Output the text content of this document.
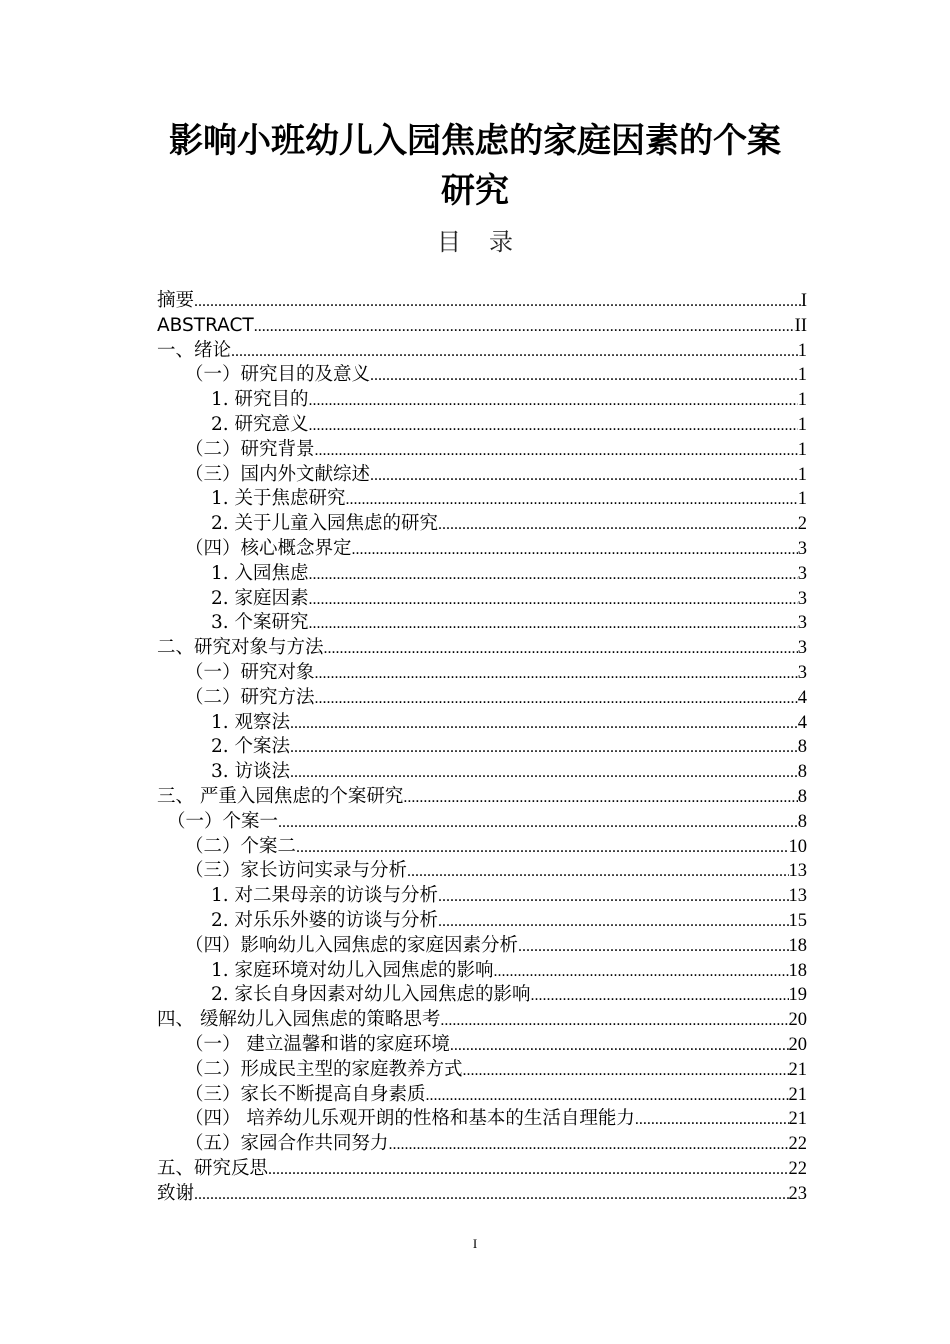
影响小班幼儿入园焦虑的家庭因素的个案
研究
目录
摘要 .....	I
ABSTRACT .....	II
一、绪论 .....	1
（一）研究目的及意义 .....	1
1. 研究目的 .....	1
2. 研究意义 .....	1
（二）研究背景 .....	1
（三）国内外文献综述 .....	1
1. 关于焦虑研究 .....	1
2. 关于儿童入园焦虑的研究 .....	2
（四）核心概念界定 .....	3
1. 入园焦虑 .....	3
2. 家庭因素 .....	3
3. 个案研究 .....	3
二、研究对象与方法 .....	3
（一）研究对象 .....	3
（二）研究方法 .....	4
1. 观察法 .....	4
2. 个案法 .....	8
3. 访谈法 .....	8
三、 严重入园焦虑的个案研究 .....	8
（一）个案一 .....	8
（二）个案二 .....	10
（三）家长访问实录与分析 .....	13
1. 对二果母亲的访谈与分析 .....	13
2. 对乐乐外婆的访谈与分析 .....	15
（四）影响幼儿入园焦虑的家庭因素分析 .....	18
1. 家庭环境对幼儿入园焦虑的影响 .....	18
2. 家长自身因素对幼儿入园焦虑的影响 .....	19
四、 缓解幼儿入园焦虑的策略思考 .....	20
（一） 建立温馨和谐的家庭环境 .....	20
（二）形成民主型的家庭教养方式 .....	21
（三）家长不断提高自身素质 .....	21
（四） 培养幼儿乐观开朗的性格和基本的生活自理能力 .....	21
（五）家园合作共同努力 .....	22
五、研究反思 .....	22
致谢 .....	23
I
